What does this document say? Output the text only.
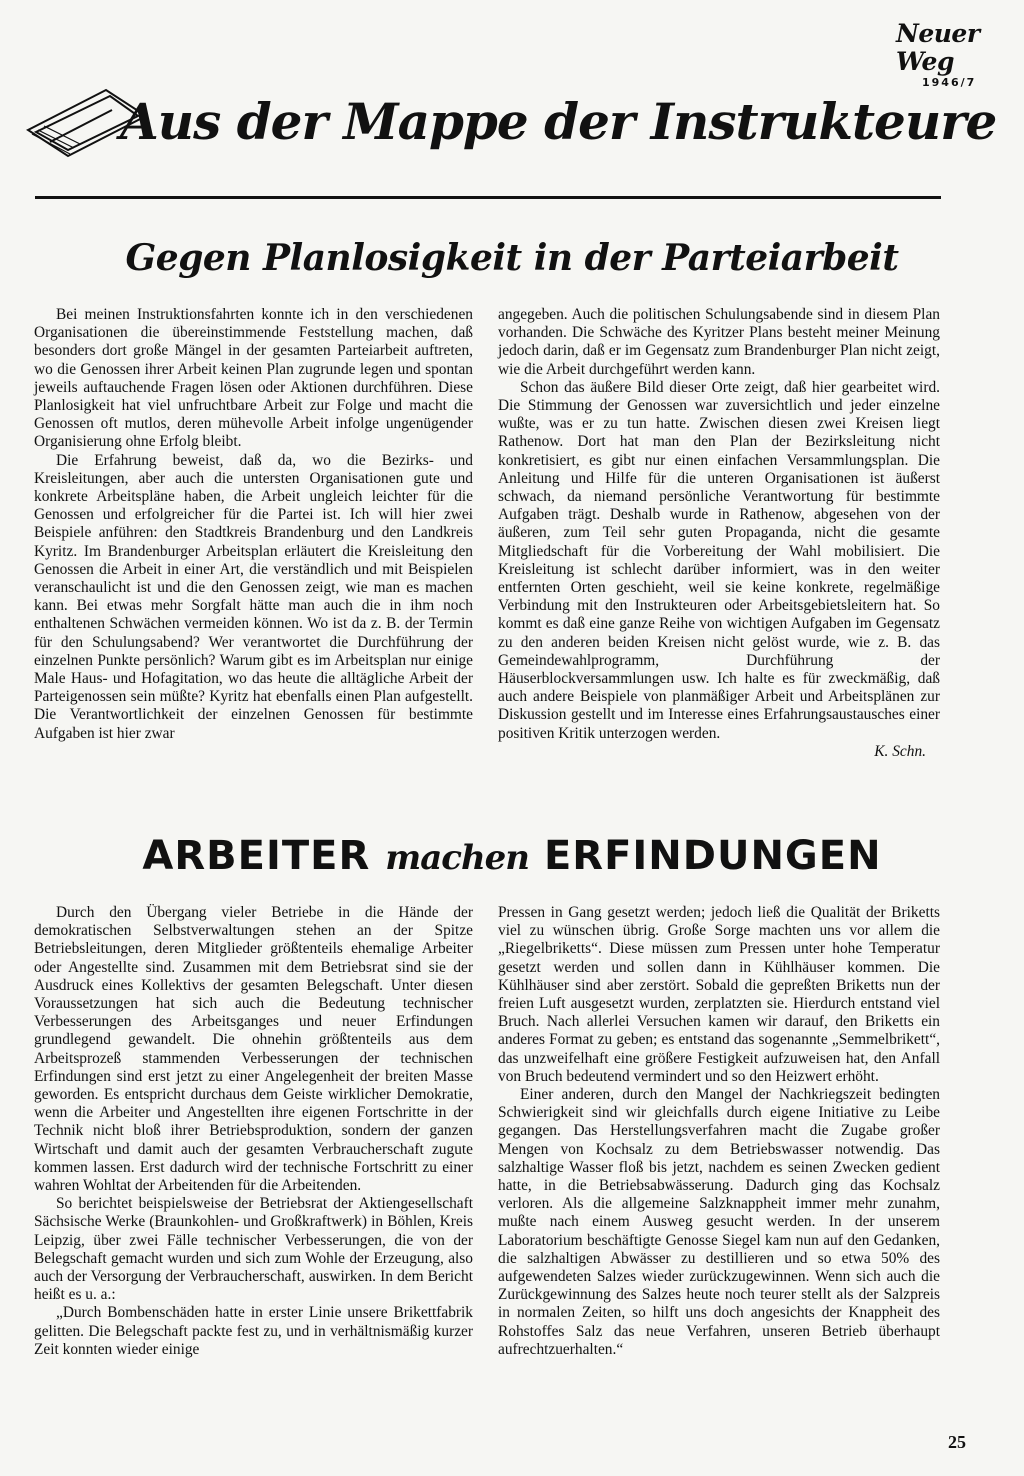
Neuer Weg
1946/7
Aus der Mappe der Instrukteure
Gegen Planlosigkeit in der Parteiarbeit

Bei meinen Instruktionsfahrten konnte ich in den verschiedenen Organisationen die übereinstimmende Feststellung machen, daß besonders dort große Mängel in der gesamten Parteiarbeit auftreten, wo die Genossen ihrer Arbeit keinen Plan zugrunde legen und spontan jeweils auftauchende Fragen lösen oder Aktionen durchführen. Diese Planlosigkeit hat viel unfruchtbare Arbeit zur Folge und macht die Genossen oft mutlos, deren mühevolle Arbeit infolge ungenügender Organisierung ohne Erfolg bleibt.

Die Erfahrung beweist, daß da, wo die Bezirks- und Kreisleitungen, aber auch die untersten Organisationen gute und konkrete Arbeitspläne haben, die Arbeit ungleich leichter für die Genossen und erfolgreicher für die Partei ist. Ich will hier zwei Beispiele anführen: den Stadtkreis Brandenburg und den Landkreis Kyritz. Im Brandenburger Arbeitsplan erläutert die Kreisleitung den Genossen die Arbeit in einer Art, die verständlich und mit Beispielen veranschaulicht ist und die den Genossen zeigt, wie man es machen kann. Bei etwas mehr Sorgfalt hätte man auch die in ihm noch enthaltenen Schwächen vermeiden können. Wo ist da z. B. der Termin für den Schulungsabend? Wer verantwortet die Durchführung der einzelnen Punkte persönlich? Warum gibt es im Arbeitsplan nur einige Male Haus- und Hofagitation, wo das heute die alltägliche Arbeit der Parteigenossen sein müßte? Kyritz hat ebenfalls einen Plan aufgestellt. Die Verantwortlichkeit der einzelnen Genossen für bestimmte Aufgaben ist hier zwar

angegeben. Auch die politischen Schulungsabende sind in diesem Plan vorhanden. Die Schwäche des Kyritzer Plans besteht meiner Meinung jedoch darin, daß er im Gegensatz zum Brandenburger Plan nicht zeigt, wie die Arbeit durchgeführt werden kann.

Schon das äußere Bild dieser Orte zeigt, daß hier gearbeitet wird. Die Stimmung der Genossen war zuversichtlich und jeder einzelne wußte, was er zu tun hatte. Zwischen diesen zwei Kreisen liegt Rathenow. Dort hat man den Plan der Bezirksleitung nicht konkretisiert, es gibt nur einen einfachen Versammlungsplan. Die Anleitung und Hilfe für die unteren Organisationen ist äußerst schwach, da niemand persönliche Verantwortung für bestimmte Aufgaben trägt. Deshalb wurde in Rathenow, abgesehen von der äußeren, zum Teil sehr guten Propaganda, nicht die gesamte Mitgliedschaft für die Vorbereitung der Wahl mobilisiert. Die Kreisleitung ist schlecht darüber informiert, was in den weiter entfernten Orten geschieht, weil sie keine konkrete, regelmäßige Verbindung mit den Instrukteuren oder Arbeitsgebietsleitern hat. So kommt es daß eine ganze Reihe von wichtigen Aufgaben im Gegensatz zu den anderen beiden Kreisen nicht gelöst wurde, wie z. B. das Gemeindewahlprogramm, Durchführung der Häuserblockversammlungen usw. Ich halte es für zweckmäßig, daß auch andere Beispiele von planmäßiger Arbeit und Arbeitsplänen zur Diskussion gestellt und im Interesse eines Erfahrungsaustausches einer positiven Kritik unterzogen werden.

K. Schn.
ARBEITER machen ERFINDUNGEN

Durch den Übergang vieler Betriebe in die Hände der demokratischen Selbstverwaltungen stehen an der Spitze Betriebsleitungen, deren Mitglieder größtenteils ehemalige Arbeiter oder Angestellte sind. Zusammen mit dem Betriebsrat sind sie der Ausdruck eines Kollektivs der gesamten Belegschaft. Unter diesen Voraussetzungen hat sich auch die Bedeutung technischer Verbesserungen des Arbeitsganges und neuer Erfindungen grundlegend gewandelt. Die ohnehin größtenteils aus dem Arbeitsprozeß stammenden Verbesserungen der technischen Erfindungen sind erst jetzt zu einer Angelegenheit der breiten Masse geworden. Es entspricht durchaus dem Geiste wirklicher Demokratie, wenn die Arbeiter und Angestellten ihre eigenen Fortschritte in der Technik nicht bloß ihrer Betriebsproduktion, sondern der ganzen Wirtschaft und damit auch der gesamten Verbraucherschaft zugute kommen lassen. Erst dadurch wird der technische Fortschritt zu einer wahren Wohltat der Arbeitenden für die Arbeitenden.

So berichtet beispielsweise der Betriebsrat der Aktiengesellschaft Sächsische Werke (Braunkohlen- und Großkraftwerk) in Böhlen, Kreis Leipzig, über zwei Fälle technischer Verbesserungen, die von der Belegschaft gemacht wurden und sich zum Wohle der Erzeugung, also auch der Versorgung der Verbraucherschaft, auswirken. In dem Bericht heißt es u. a.:

„Durch Bombenschäden hatte in erster Linie unsere Brikettfabrik gelitten. Die Belegschaft packte fest zu, und in verhältnismäßig kurzer Zeit konnten wieder einige

Pressen in Gang gesetzt werden; jedoch ließ die Qualität der Briketts viel zu wünschen übrig. Große Sorge machten uns vor allem die „Riegelbriketts“. Diese müssen zum Pressen unter hohe Temperatur gesetzt werden und sollen dann in Kühlhäuser kommen. Die Kühlhäuser sind aber zerstört. Sobald die gepreßten Briketts nun der freien Luft ausgesetzt wurden, zerplatzten sie. Hierdurch entstand viel Bruch. Nach allerlei Versuchen kamen wir darauf, den Briketts ein anderes Format zu geben; es entstand das sogenannte „Semmelbrikett“, das unzweifelhaft eine größere Festigkeit aufzuweisen hat, den Anfall von Bruch bedeutend vermindert und so den Heizwert erhöht.

Einer anderen, durch den Mangel der Nachkriegszeit bedingten Schwierigkeit sind wir gleichfalls durch eigene Initiative zu Leibe gegangen. Das Herstellungsverfahren macht die Zugabe großer Mengen von Kochsalz zu dem Betriebswasser notwendig. Das salzhaltige Wasser floß bis jetzt, nachdem es seinen Zwecken gedient hatte, in die Betriebsabwässerung. Dadurch ging das Kochsalz verloren. Als die allgemeine Salzknappheit immer mehr zunahm, mußte nach einem Ausweg gesucht werden. In der unserem Laboratorium beschäftigte Genosse Siegel kam nun auf den Gedanken, die salzhaltigen Abwässer zu destillieren und so etwa 50% des aufgewendeten Salzes wieder zurückzugewinnen. Wenn sich auch die Zurückgewinnung des Salzes heute noch teurer stellt als der Salzpreis in normalen Zeiten, so hilft uns doch angesichts der Knappheit des Rohstoffes Salz das neue Verfahren, unseren Betrieb überhaupt aufrechtzuerhalten.“

25
